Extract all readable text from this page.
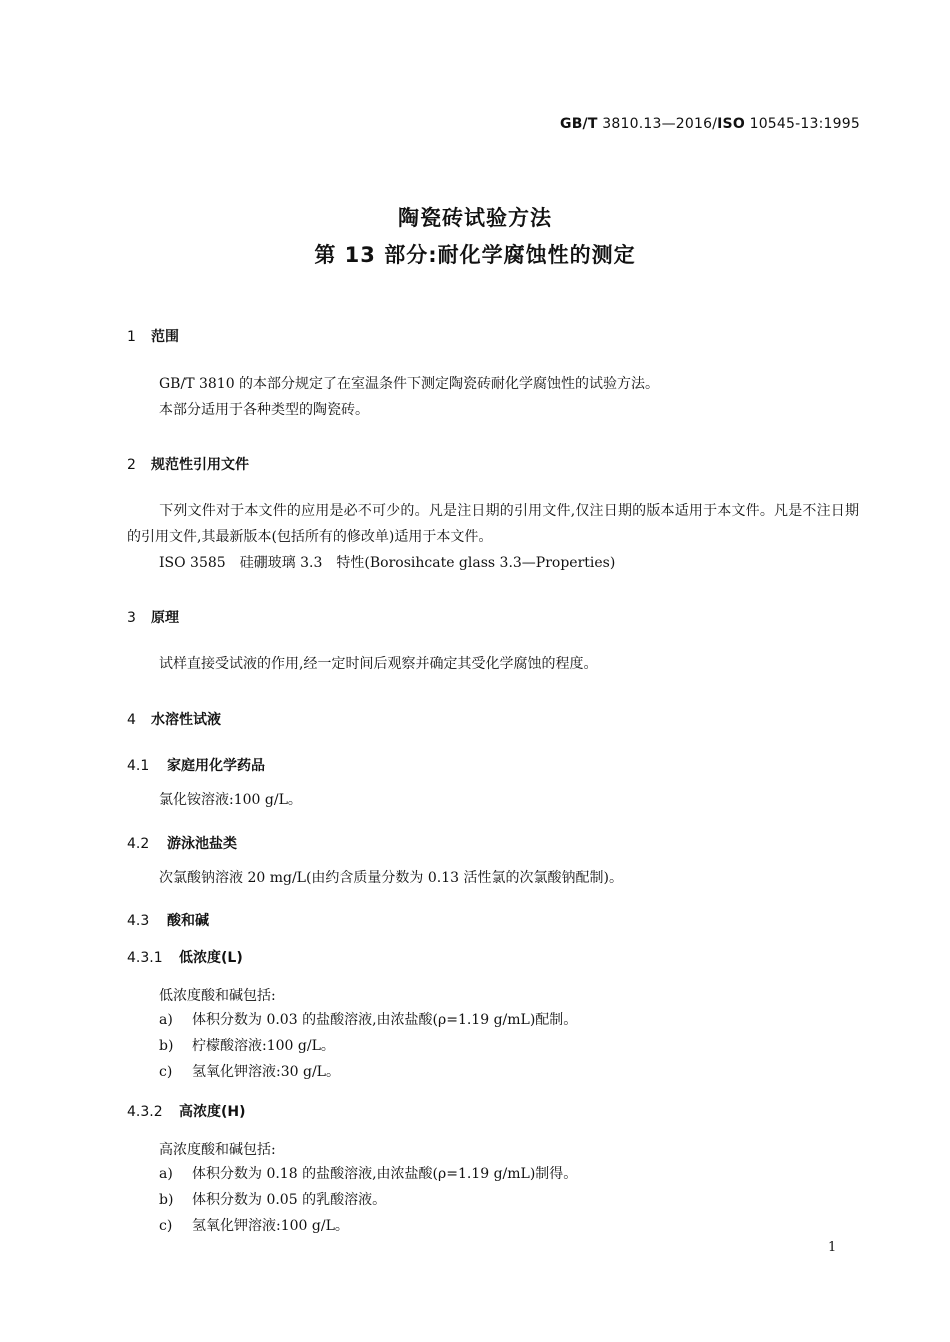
GB/T 3810.13—2016/ISO 10545-13:1995
陶瓷砖试验方法
第 13 部分:耐化学腐蚀性的测定
1 范围
GB/T 3810 的本部分规定了在室温条件下测定陶瓷砖耐化学腐蚀性的试验方法。
本部分适用于各种类型的陶瓷砖。
2 规范性引用文件
下列文件对于本文件的应用是必不可少的。凡是注日期的引用文件,仅注日期的版本适用于本文件。凡是不注日期的引用文件,其最新版本(包括所有的修改单)适用于本文件。
ISO 3585 硅硼玻璃 3.3　特性(Borosihcate glass 3.3—Properties)
3 原理
试样直接受试液的作用,经一定时间后观察并确定其受化学腐蚀的程度。
4 水溶性试液
4.1 家庭用化学药品
氯化铵溶液:100 g/L。
4.2 游泳池盐类
次氯酸钠溶液 20 mg/L(由约含质量分数为 0.13 活性氯的次氯酸钠配制)。
4.3 酸和碱
4.3.1 低浓度(L)
低浓度酸和碱包括:
a) 体积分数为 0.03 的盐酸溶液,由浓盐酸(ρ=1.19 g/mL)配制。
b) 柠檬酸溶液:100 g/L。
c) 氢氧化钾溶液:30 g/L。
4.3.2 高浓度(H)
高浓度酸和碱包括:
a) 体积分数为 0.18 的盐酸溶液,由浓盐酸(ρ=1.19 g/mL)制得。
b) 体积分数为 0.05 的乳酸溶液。
c) 氢氧化钾溶液:100 g/L。
1
